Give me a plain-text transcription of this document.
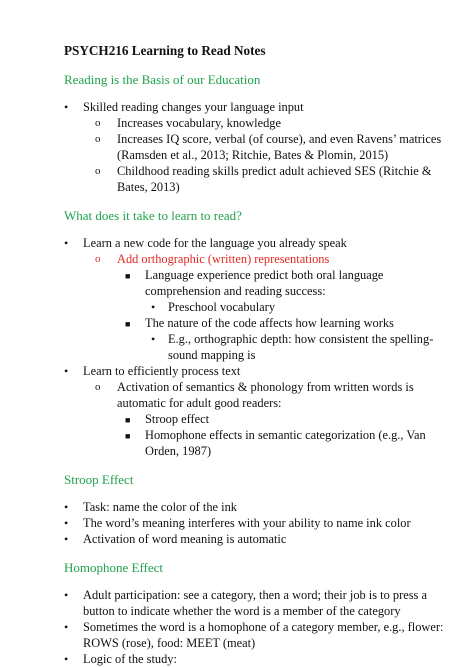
PSYCH216 Learning to Read Notes
Reading is the Basis of our Education
•	Skilled reading changes your language input
o	Increases vocabulary, knowledge
o	Increases IQ score, verbal (of course), and even Ravens’ matrices (Ramsden et al., 2013; Ritchie, Bates & Plomin, 2015)
o	Childhood reading skills predict adult achieved SES (Ritchie & Bates, 2013)
What does it take to learn to read?
•	Learn a new code for the language you already speak
o	Add orthographic (written) representations
■	Language experience predict both oral language comprehension and reading success:
•	Preschool vocabulary
■	The nature of the code affects how learning works
•	E.g., orthographic depth: how consistent the spelling-sound mapping is
•	Learn to efficiently process text
o	Activation of semantics & phonology from written words is automatic for adult good readers:
■	Stroop effect
■	Homophone effects in semantic categorization (e.g., Van Orden, 1987)
Stroop Effect
•	Task: name the color of the ink
•	The word’s meaning interferes with your ability to name ink color
•	Activation of word meaning is automatic
Homophone Effect
•	Adult participation: see a category, then a word; their job is to press a button to indicate whether the word is a member of the category
•	Sometimes the word is a homophone of a category member, e.g., flower: ROWS (rose), food: MEET (meat)
•	Logic of the study:
